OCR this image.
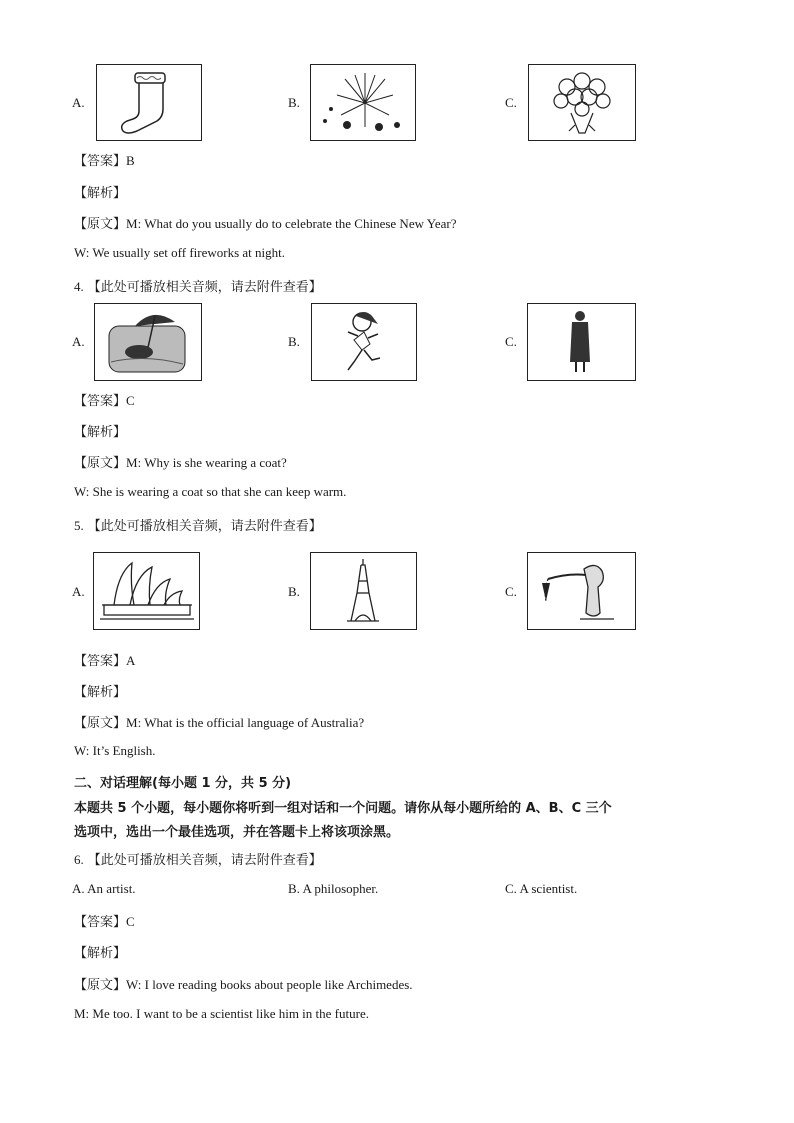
A.	B.	C.
【答案】B
【解析】
【原文】M: What do you usually do to celebrate the Chinese New Year?
W: We usually set off fireworks at night.
4. 【此处可播放相关音频，请去附件查看】
A.	B.	C.
【答案】C
【解析】
【原文】M: Why is she wearing a coat?
W: She is wearing a coat so that she can keep warm.
5. 【此处可播放相关音频，请去附件查看】
A.	B.	C.
【答案】A
【解析】
【原文】M: What is the official language of Australia?
W: It’s English.
二、对话理解(每小题 1 分，共 5 分)
本题共 5 个小题，每小题你将听到一组对话和一个问题。请你从每小题所给的 A、B、C 三个
选项中，选出一个最佳选项，并在答题卡上将该项涂黑。
6. 【此处可播放相关音频，请去附件查看】
A. An artist.	B. A philosopher.	C. A scientist.
【答案】C
【解析】
【原文】W: I love reading books about people like Archimedes.
M: Me too. I want to be a scientist like him in the future.
